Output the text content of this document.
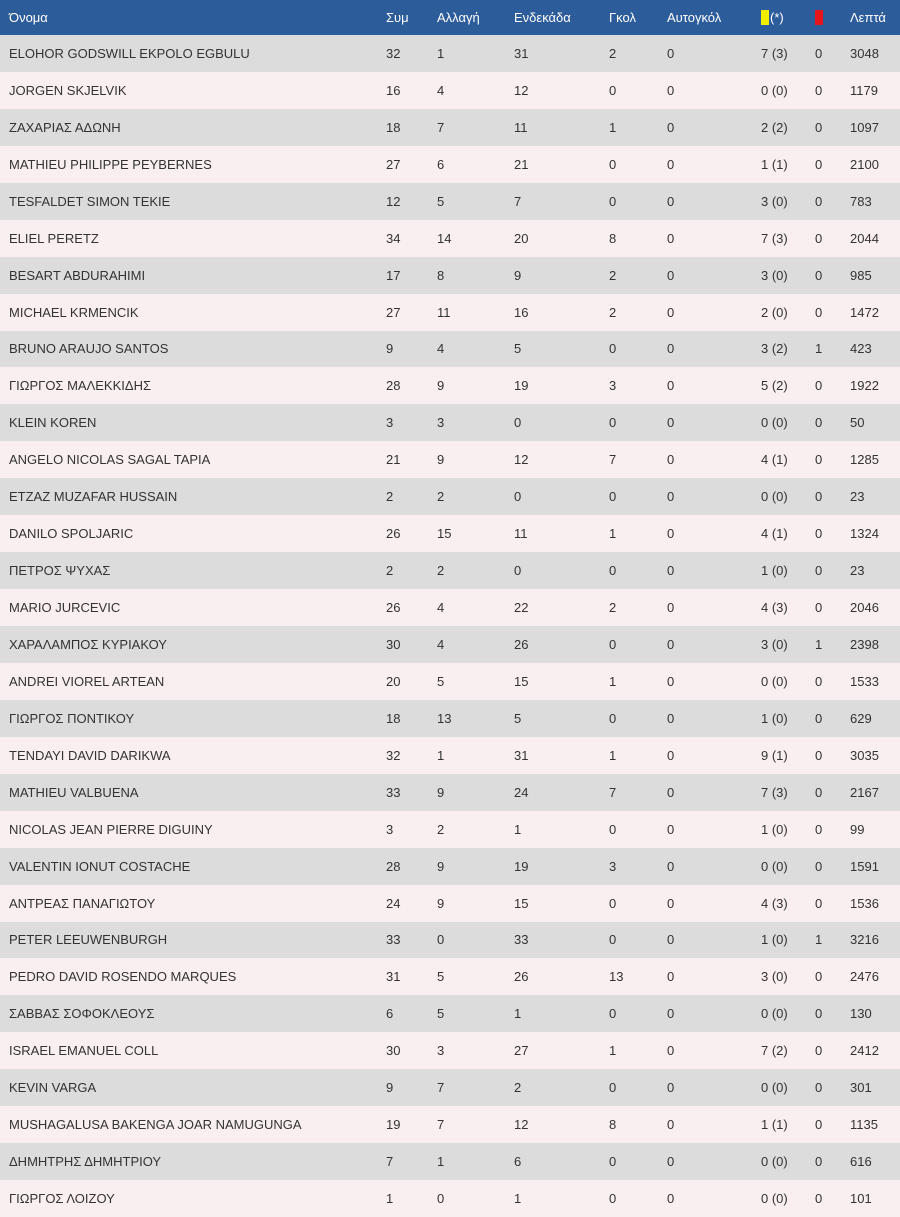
Όνομα	Συμ	Αλλαγή	Ενδεκάδα	Γκολ	Αυτογκόλ	(*)		Λεπτά
ELOHOR GODSWILL EKPOLO EGBULU	32	1	31	2	0	7 (3)	0	3048
JORGEN SKJELVIK	16	4	12	0	0	0 (0)	0	1179
ΖΑΧΑΡΙΑΣ ΑΔΩΝΗ	18	7	11	1	0	2 (2)	0	1097
MATHIEU PHILIPPE PEYBERNES	27	6	21	0	0	1 (1)	0	2100
TESFALDET SIMON TEKIE	12	5	7	0	0	3 (0)	0	783
ELIEL PERETZ	34	14	20	8	0	7 (3)	0	2044
BESART ABDURAHIMI	17	8	9	2	0	3 (0)	0	985
MICHAEL KRMENCIK	27	11	16	2	0	2 (0)	0	1472
BRUNO ARAUJO SANTOS	9	4	5	0	0	3 (2)	1	423
ΓΙΩΡΓΟΣ ΜΑΛΕΚΚΙΔΗΣ	28	9	19	3	0	5 (2)	0	1922
KLEIN KOREN	3	3	0	0	0	0 (0)	0	50
ANGELO NICOLAS SAGAL TAPIA	21	9	12	7	0	4 (1)	0	1285
ETZAZ MUZAFAR HUSSAIN	2	2	0	0	0	0 (0)	0	23
DANILO SPOLJARIC	26	15	11	1	0	4 (1)	0	1324
ΠΕΤΡΟΣ ΨΥΧΑΣ	2	2	0	0	0	1 (0)	0	23
MARIO JURCEVIC	26	4	22	2	0	4 (3)	0	2046
ΧΑΡΑΛΑΜΠΟΣ ΚΥΡΙΑΚΟΥ	30	4	26	0	0	3 (0)	1	2398
ANDREI VIOREL ARTEAN	20	5	15	1	0	0 (0)	0	1533
ΓΙΩΡΓΟΣ ΠΟΝΤΙΚΟΥ	18	13	5	0	0	1 (0)	0	629
TENDAYI DAVID DARIKWA	32	1	31	1	0	9 (1)	0	3035
MATHIEU VALBUENA	33	9	24	7	0	7 (3)	0	2167
NICOLAS JEAN PIERRE DIGUINY	3	2	1	0	0	1 (0)	0	99
VALENTIN IONUT COSTACHE	28	9	19	3	0	0 (0)	0	1591
ΑΝΤΡΕΑΣ ΠΑΝΑΓΙΩΤΟΥ	24	9	15	0	0	4 (3)	0	1536
PETER LEEUWENBURGH	33	0	33	0	0	1 (0)	1	3216
PEDRO DAVID ROSENDO MARQUES	31	5	26	13	0	3 (0)	0	2476
ΣΑΒΒΑΣ ΣΟΦΟΚΛΕΟΥΣ	6	5	1	0	0	0 (0)	0	130
ISRAEL EMANUEL COLL	30	3	27	1	0	7 (2)	0	2412
KEVIN VARGA	9	7	2	0	0	0 (0)	0	301
MUSHAGALUSA BAKENGA JOAR NAMUGUNGA	19	7	12	8	0	1 (1)	0	1135
ΔΗΜΗΤΡΗΣ ΔΗΜΗΤΡΙΟΥ	7	1	6	0	0	0 (0)	0	616
ΓΙΩΡΓΟΣ ΛΟΙΖΟΥ	1	0	1	0	0	0 (0)	0	101
